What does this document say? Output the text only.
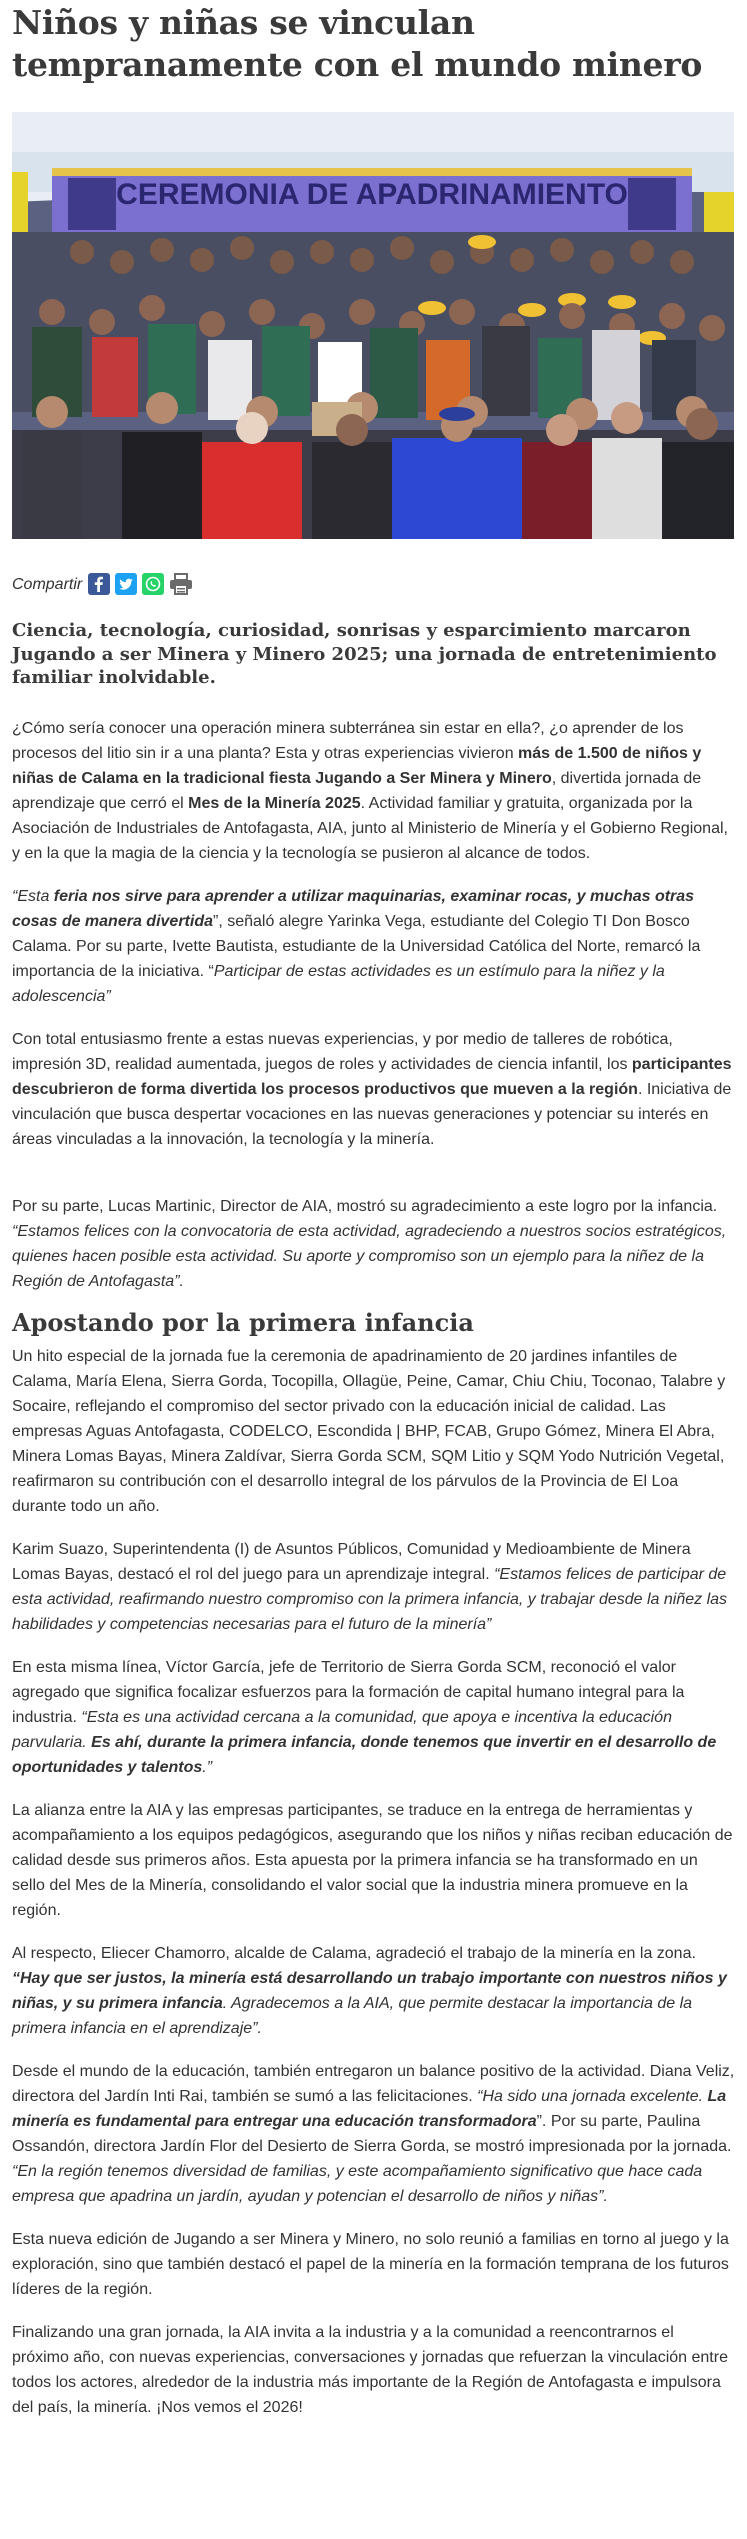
Niños y niñas se vinculan tempranamente con el mundo minero
CEREMONIA DE APADRINAMIENTO
Compartir
Ciencia, tecnología, curiosidad, sonrisas y esparcimiento marcaron Jugando a ser Minera y Minero 2025; una jornada de entretenimiento familiar inolvidable.

¿Cómo sería conocer una operación minera subterránea sin estar en ella?, ¿o aprender de los procesos del litio sin ir a una planta? Esta y otras experiencias vivieron más de 1.500 de niños y niñas de Calama en la tradicional fiesta Jugando a Ser Minera y Minero, divertida jornada de aprendizaje que cerró el Mes de la Minería 2025. Actividad familiar y gratuita, organizada por la Asociación de Industriales de Antofagasta, AIA, junto al Ministerio de Minería y el Gobierno Regional, y en la que la magia de la ciencia y la tecnología se pusieron al alcance de todos.

“Esta feria nos sirve para aprender a utilizar maquinarias, examinar rocas, y muchas otras cosas de manera divertida”, señaló alegre Yarinka Vega, estudiante del Colegio TI Don Bosco Calama. Por su parte, Ivette Bautista, estudiante de la Universidad Católica del Norte, remarcó la importancia de la iniciativa. “Participar de estas actividades es un estímulo para la niñez y la adolescencia”

Con total entusiasmo frente a estas nuevas experiencias, y por medio de talleres de robótica, impresión 3D, realidad aumentada, juegos de roles y actividades de ciencia infantil, los participantes descubrieron de forma divertida los procesos productivos que mueven a la región. Iniciativa de vinculación que busca despertar vocaciones en las nuevas generaciones y potenciar su interés en áreas vinculadas a la innovación, la tecnología y la minería.

Por su parte, Lucas Martinic, Director de AIA, mostró su agradecimiento a este logro por la infancia. “Estamos felices con la convocatoria de esta actividad, agradeciendo a nuestros socios estratégicos, quienes hacen posible esta actividad. Su aporte y compromiso son un ejemplo para la niñez de la Región de Antofagasta”.

Apostando por la primera infancia

Un hito especial de la jornada fue la ceremonia de apadrinamiento de 20 jardines infantiles de Calama, María Elena, Sierra Gorda, Tocopilla, Ollagüe, Peine, Camar, Chiu Chiu, Toconao, Talabre y Socaire, reflejando el compromiso del sector privado con la educación inicial de calidad. Las empresas Aguas Antofagasta, CODELCO, Escondida | BHP, FCAB, Grupo Gómez, Minera El Abra, Minera Lomas Bayas, Minera Zaldívar, Sierra Gorda SCM, SQM Litio y SQM Yodo Nutrición Vegetal, reafirmaron su contribución con el desarrollo integral de los párvulos de la Provincia de El Loa durante todo un año.

Karim Suazo, Superintendenta (I) de Asuntos Públicos, Comunidad y Medioambiente de Minera Lomas Bayas, destacó el rol del juego para un aprendizaje integral. “Estamos felices de participar de esta actividad, reafirmando nuestro compromiso con la primera infancia, y trabajar desde la niñez las habilidades y competencias necesarias para el futuro de la minería”

En esta misma línea, Víctor García, jefe de Territorio de Sierra Gorda SCM, reconoció el valor agregado que significa focalizar esfuerzos para la formación de capital humano integral para la industria. “Esta es una actividad cercana a la comunidad, que apoya e incentiva la educación parvularia. Es ahí, durante la primera infancia, donde tenemos que invertir en el desarrollo de oportunidades y talentos.”

La alianza entre la AIA y las empresas participantes, se traduce en la entrega de herramientas y acompañamiento a los equipos pedagógicos, asegurando que los niños y niñas reciban educación de calidad desde sus primeros años. Esta apuesta por la primera infancia se ha transformado en un sello del Mes de la Minería, consolidando el valor social que la industria minera promueve en la región.

Al respecto, Eliecer Chamorro, alcalde de Calama, agradeció el trabajo de la minería en la zona. “Hay que ser justos, la minería está desarrollando un trabajo importante con nuestros niños y niñas, y su primera infancia. Agradecemos a la AIA, que permite destacar la importancia de la primera infancia en el aprendizaje”.

Desde el mundo de la educación, también entregaron un balance positivo de la actividad. Diana Veliz, directora del Jardín Inti Rai, también se sumó a las felicitaciones. “Ha sido una jornada excelente. La minería es fundamental para entregar una educación transformadora”. Por su parte, Paulina Ossandón, directora Jardín Flor del Desierto de Sierra Gorda, se mostró impresionada por la jornada. “En la región tenemos diversidad de familias, y este acompañamiento significativo que hace cada empresa que apadrina un jardín, ayudan y potencian el desarrollo de niños y niñas”.

Esta nueva edición de Jugando a ser Minera y Minero, no solo reunió a familias en torno al juego y la exploración, sino que también destacó el papel de la minería en la formación temprana de los futuros líderes de la región.

Finalizando una gran jornada, la AIA invita a la industria y a la comunidad a reencontrarnos el próximo año, con nuevas experiencias, conversaciones y jornadas que refuerzan la vinculación entre todos los actores, alrededor de la industria más importante de la Región de Antofagasta e impulsora del país, la minería. ¡Nos vemos el 2026!
